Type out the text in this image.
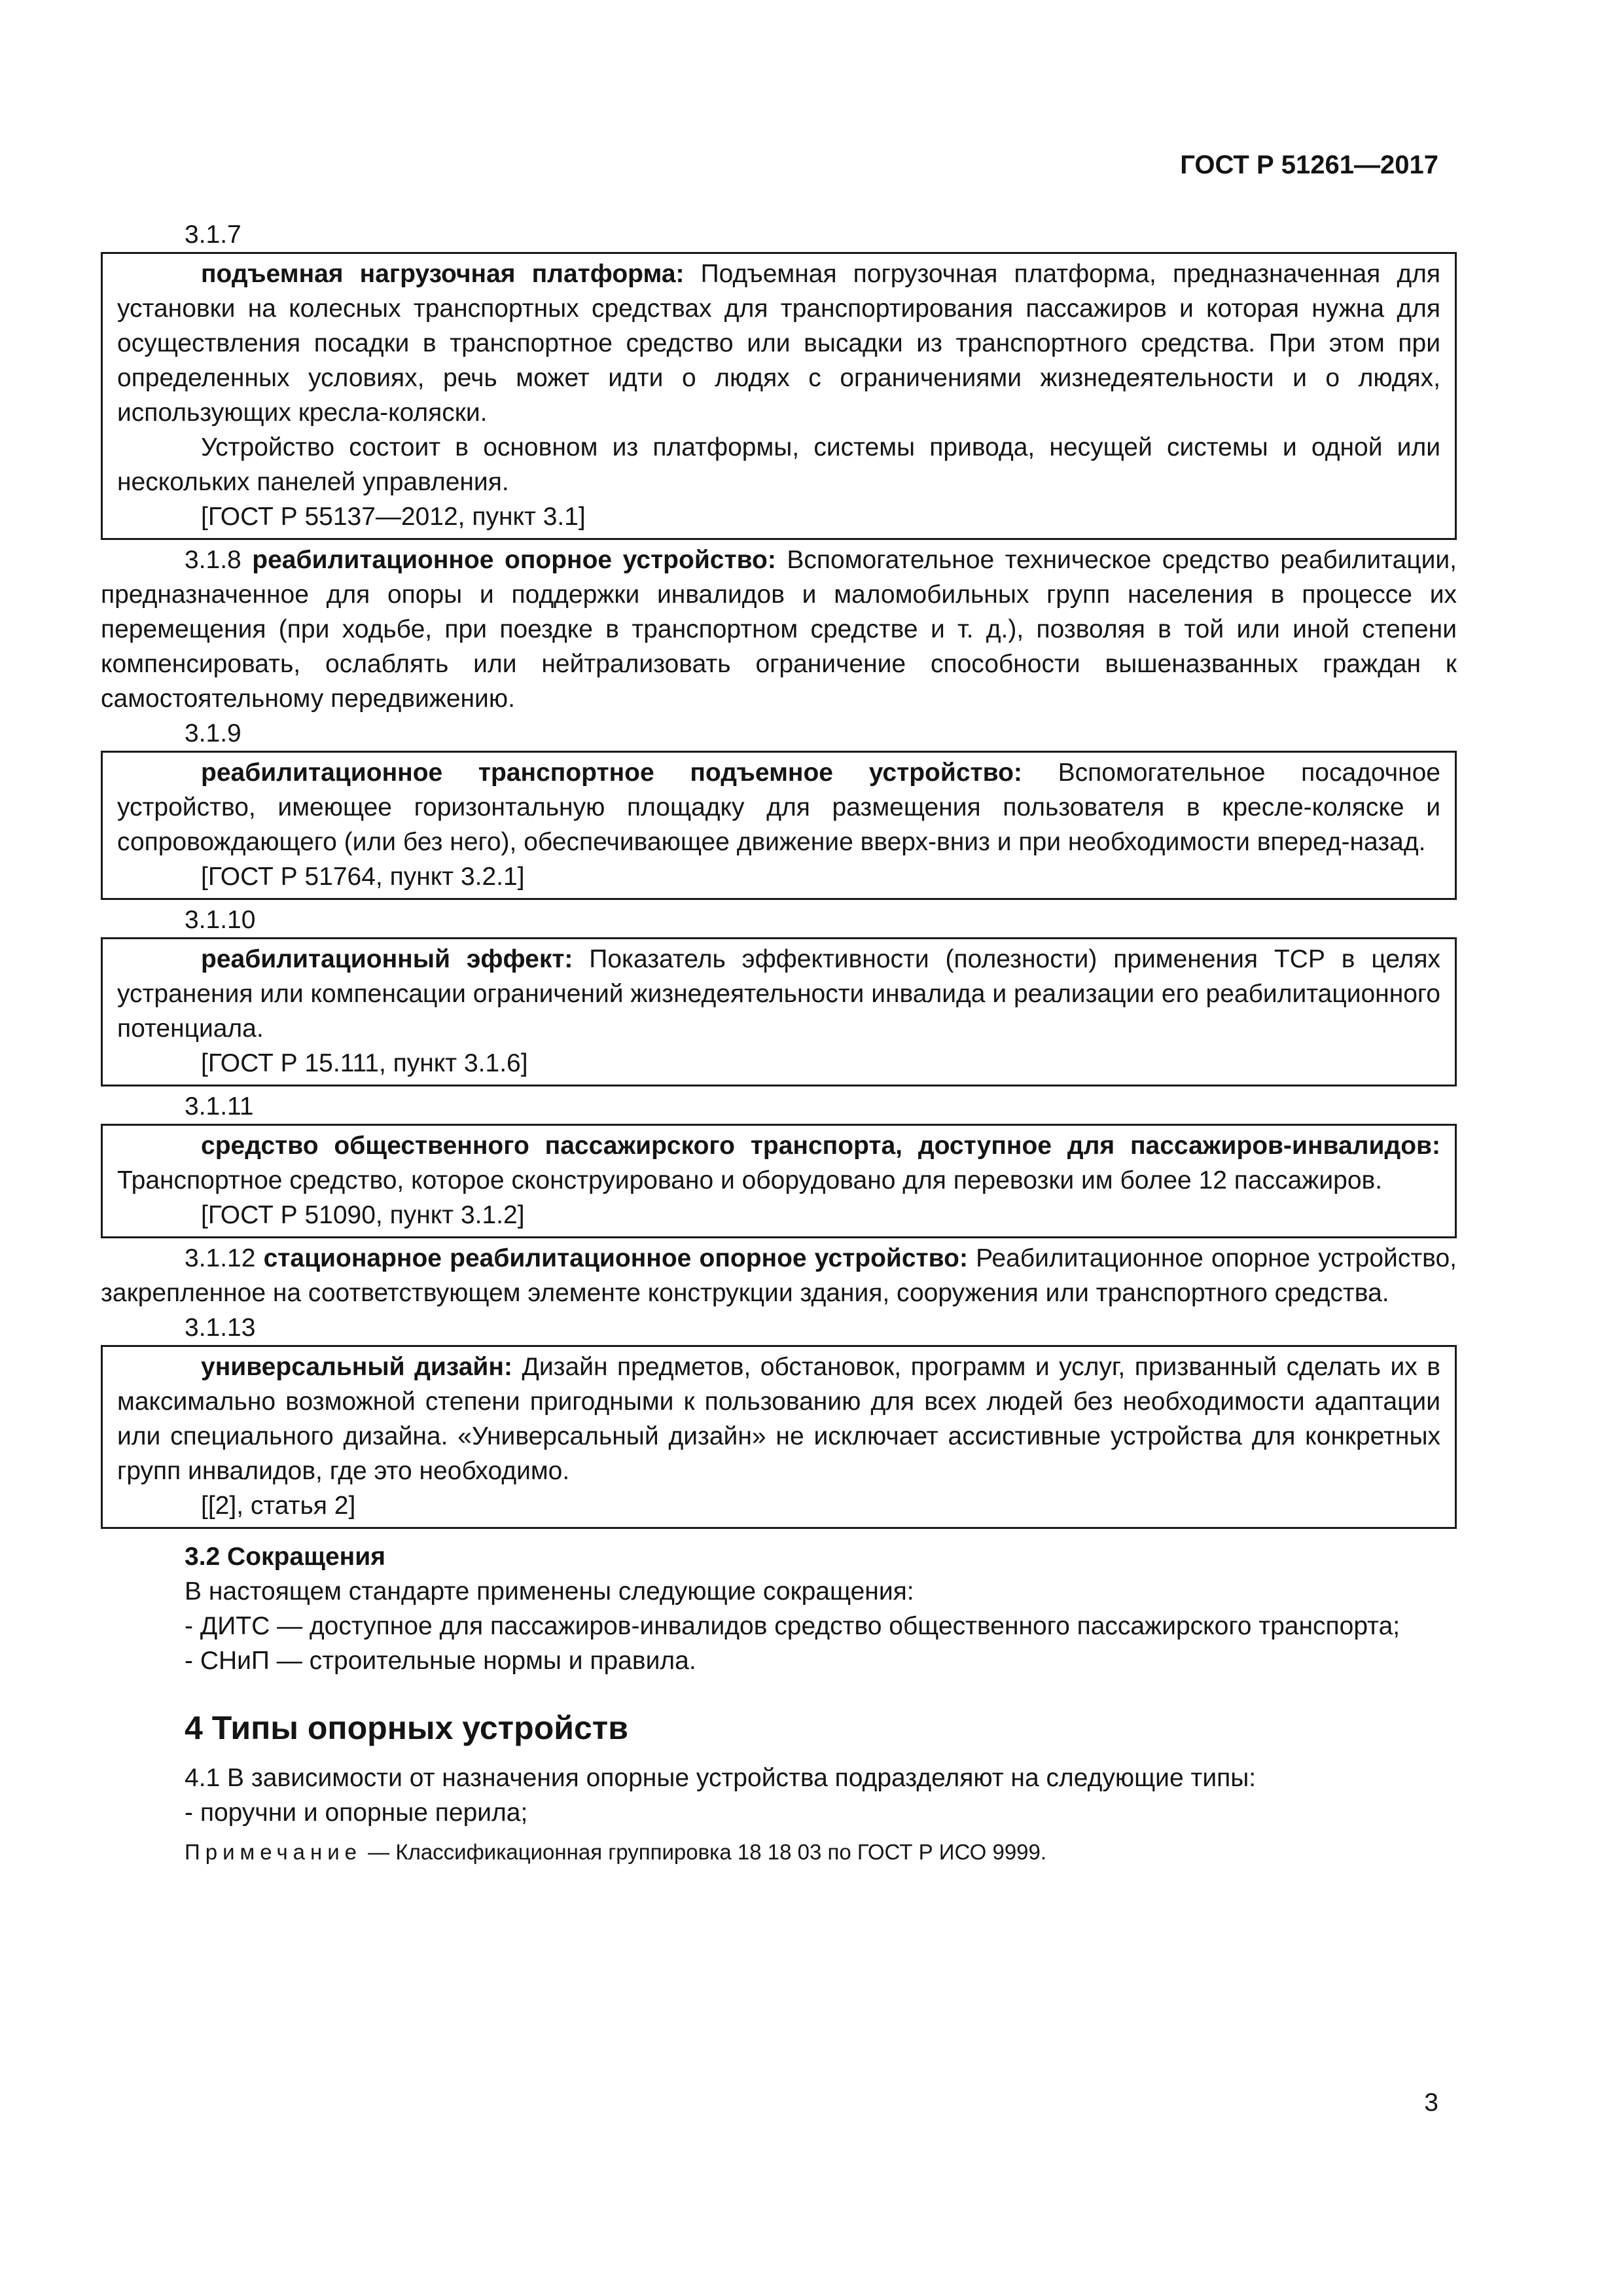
ГОСТ Р 51261—2017
3.1.7

подъемная нагрузочная платформа: Подъемная погрузочная платформа, предназначенная для установки на колесных транспортных средствах для транспортирования пассажиров и которая нужна для осуществления посадки в транспортное средство или высадки из транспортного средства. При этом при определенных условиях, речь может идти о людях с ограничениями жизнедеятельности и о людях, использующих кресла-коляски.

Устройство состоит в основном из платформы, системы привода, несущей системы и одной или нескольких панелей управления.

[ГОСТ Р 55137—2012, пункт 3.1]

3.1.8 реабилитационное опорное устройство: Вспомогательное техническое средство реабилитации, предназначенное для опоры и поддержки инвалидов и маломобильных групп населения в процессе их перемещения (при ходьбе, при поездке в транспортном средстве и т. д.), позволяя в той или иной степени компенсировать, ослаблять или нейтрализовать ограничение способности вышеназванных граждан к самостоятельному передвижению.

3.1.9

реабилитационное транспортное подъемное устройство: Вспомогательное посадочное устройство, имеющее горизонтальную площадку для размещения пользователя в кресле-коляске и сопровождающего (или без него), обеспечивающее движение вверх-вниз и при необходимости вперед-назад.

[ГОСТ Р 51764, пункт 3.2.1]

3.1.10

реабилитационный эффект: Показатель эффективности (полезности) применения ТСР в целях устранения или компенсации ограничений жизнедеятельности инвалида и реализации его реабилитационного потенциала.

[ГОСТ Р 15.111, пункт 3.1.6]

3.1.11

средство общественного пассажирского транспорта, доступное для пассажиров-инвалидов: Транспортное средство, которое сконструировано и оборудовано для перевозки им более 12 пассажиров.

[ГОСТ Р 51090, пункт 3.1.2]

3.1.12 стационарное реабилитационное опорное устройство: Реабилитационное опорное устройство, закрепленное на соответствующем элементе конструкции здания, сооружения или транспортного средства.

3.1.13

универсальный дизайн: Дизайн предметов, обстановок, программ и услуг, призванный сделать их в максимально возможной степени пригодными к пользованию для всех людей без необходимости адаптации или специального дизайна. «Универсальный дизайн» не исключает ассистивные устройства для конкретных групп инвалидов, где это необходимо.

[[2], статья 2]

3.2 Сокращения

В настоящем стандарте применены следующие сокращения:

- ДИТС — доступное для пассажиров-инвалидов средство общественного пассажирского транспорта;

- СНиП — строительные нормы и правила.

4 Типы опорных устройств

4.1 В зависимости от назначения опорные устройства подразделяют на следующие типы:

- поручни и опорные перила;

Примечание — Классификационная группировка 18 18 03 по ГОСТ Р ИСО 9999.
3
